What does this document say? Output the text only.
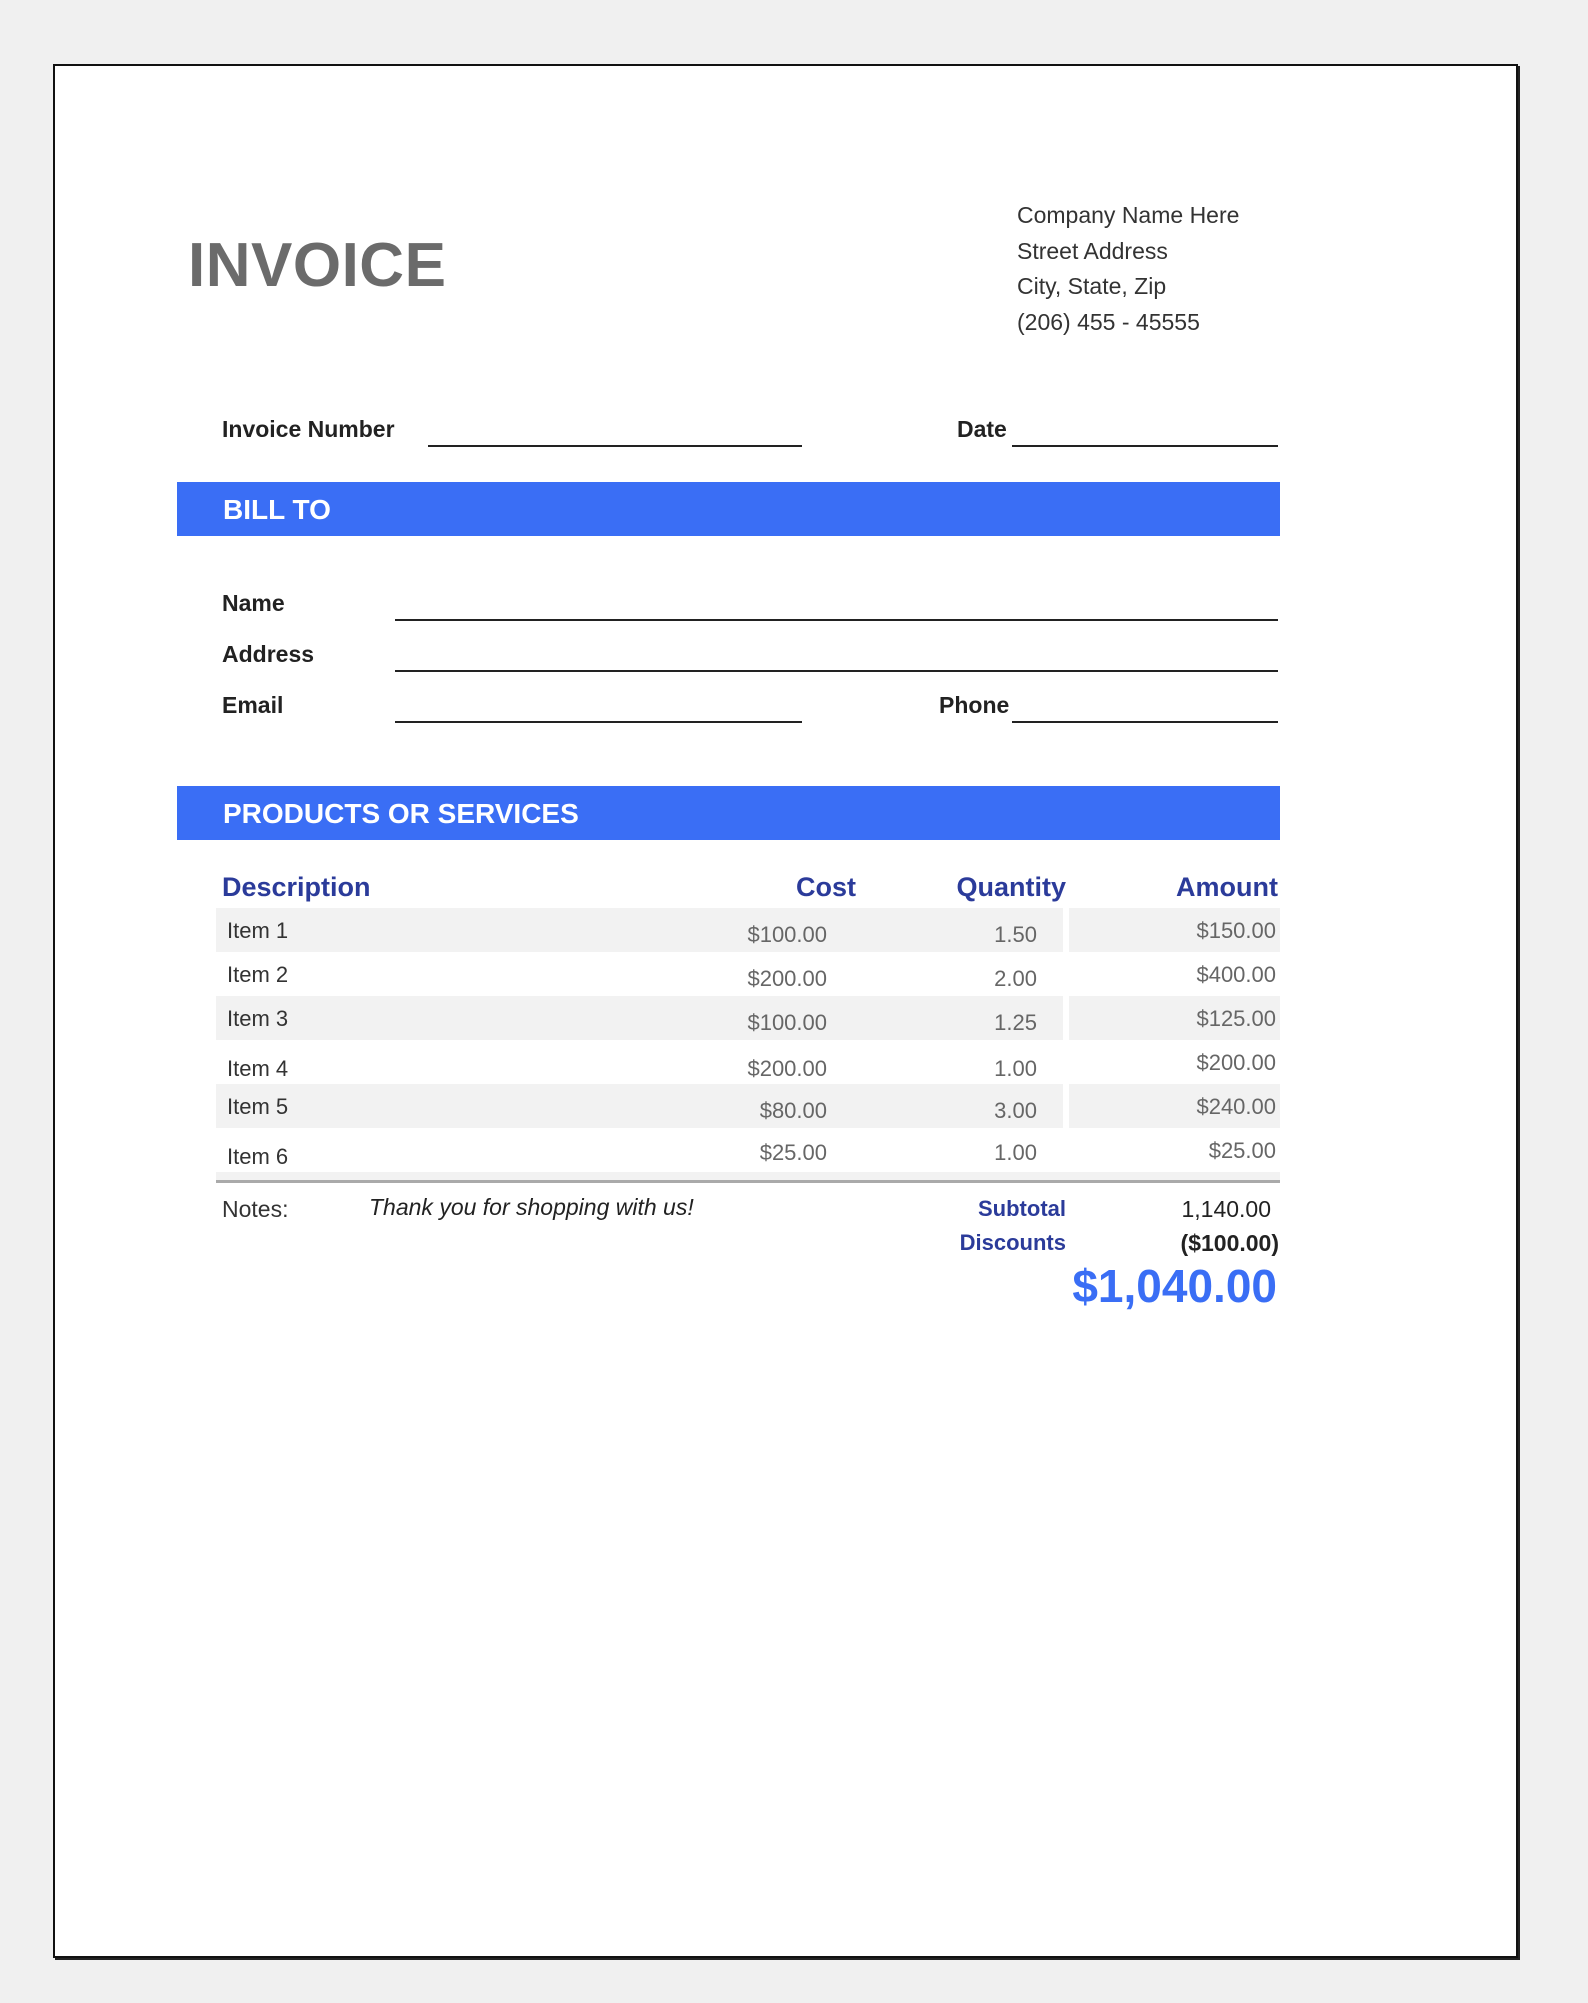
INVOICE
Company Name Here
Street Address
City, State, Zip
(206) 455 - 45555
Invoice Number	Date
BILL TO
Name
Address
Email	Phone
PRODUCTS OR SERVICES
Description	Cost	Quantity	Amount
Item 1	$100.00	1.50	$150.00
Item 2	$200.00	2.00	$400.00
Item 3	$100.00	1.25	$125.00
Item 4	$200.00	1.00	$200.00
Item 5	$80.00	3.00	$240.00
Item 6	$25.00	1.00	$25.00
Notes:	Thank you for shopping with us!	Subtotal	1,140.00
Discounts	($100.00)
$1,040.00
